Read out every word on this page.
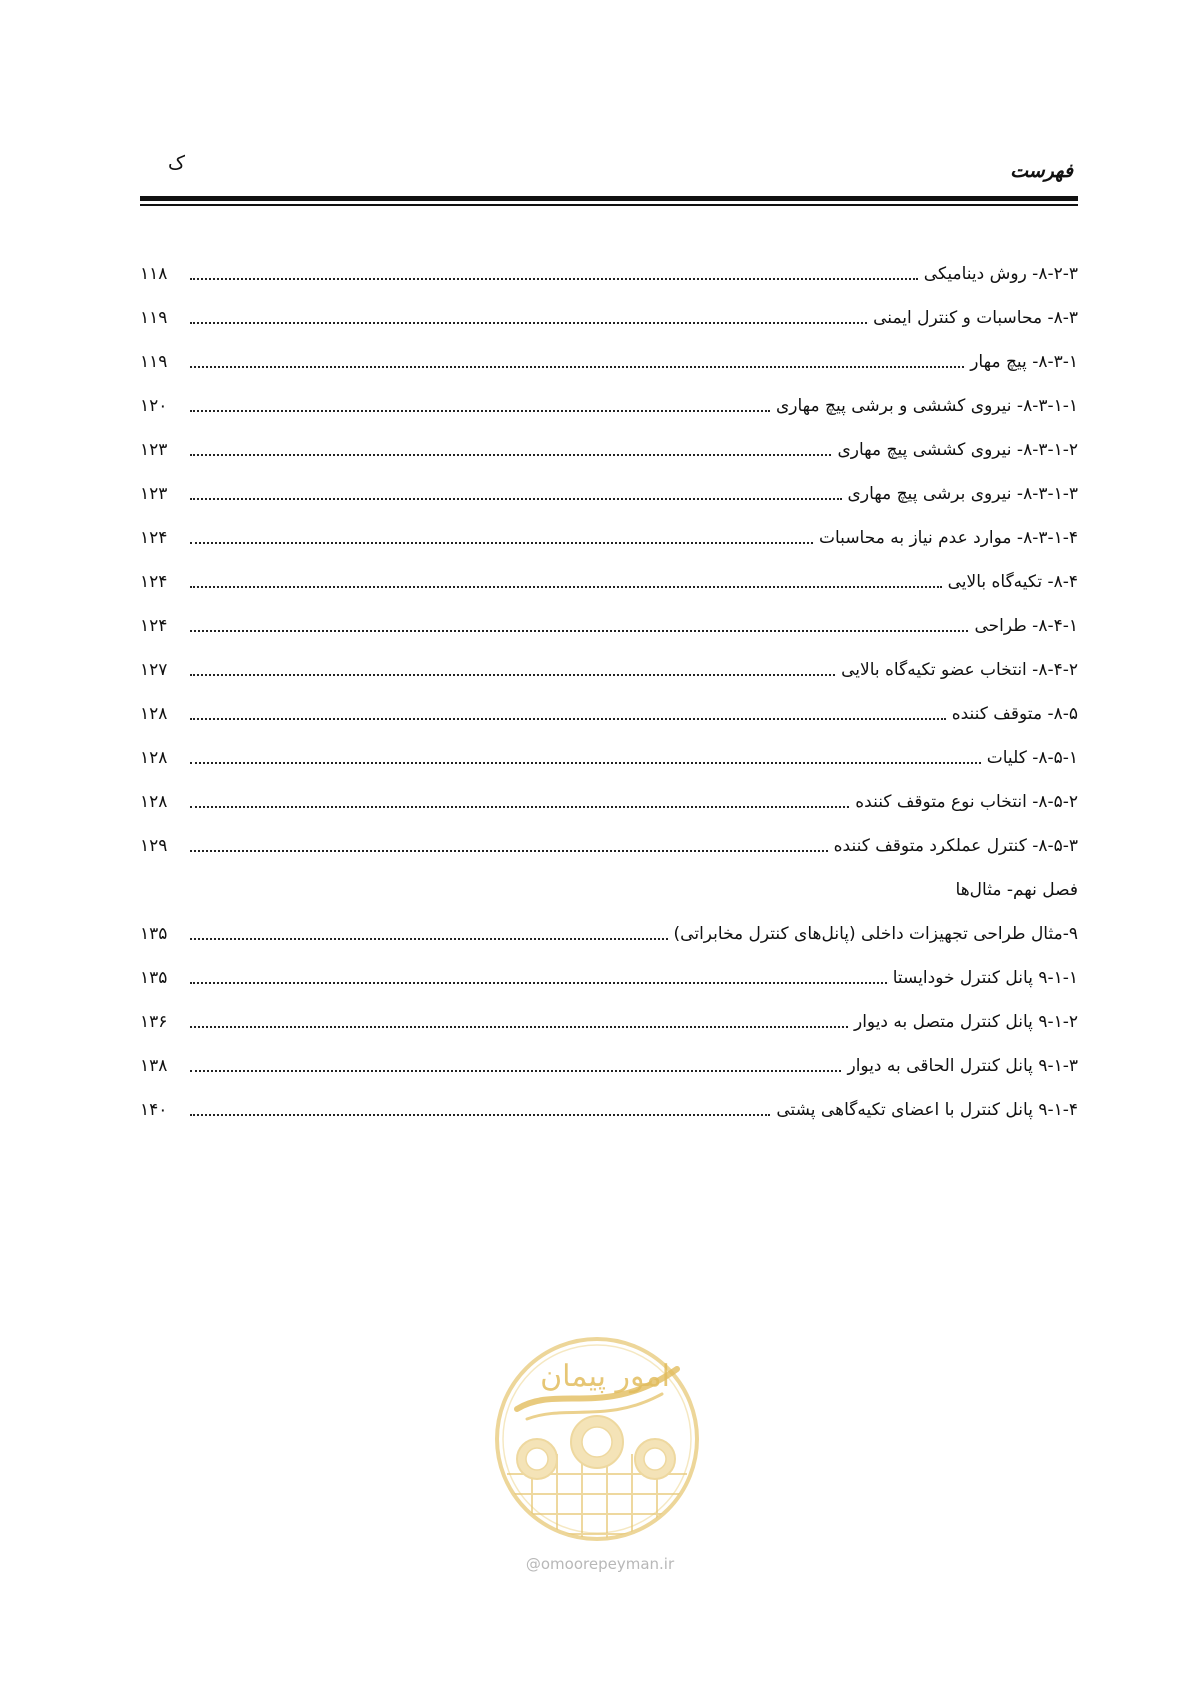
فهرست
ک
۸-۲-۳- روش دینامیکی
۱۱۸
۸-۳- محاسبات و کنترل ایمنی
۱۱۹
۸-۳-۱- پیچ مهار
۱۱۹
۸-۳-۱-۱- نیروی کششی و برشی پیچ مهاری
۱۲۰
۸-۳-۱-۲- نیروی کششی پیچ مهاری
۱۲۳
۸-۳-۱-۳- نیروی برشی پیچ مهاری
۱۲۳
۸-۳-۱-۴- موارد عدم نیاز به محاسبات
۱۲۴
۸-۴- تکیه‌گاه بالایی
۱۲۴
۸-۴-۱- طراحی
۱۲۴
۸-۴-۲- انتخاب عضو تکیه‌گاه بالایی
۱۲۷
۸-۵- متوقف کننده
۱۲۸
۸-۵-۱- کلیات
۱۲۸
۸-۵-۲- انتخاب نوع متوقف کننده
۱۲۸
۸-۵-۳- کنترل عملکرد متوقف کننده
۱۲۹
فصل نهم- مثال‌ها
۹-مثال طراحی تجهیزات داخلی (پانل‌های کنترل مخابراتی)
۱۳۵
۹-۱-۱ پانل کنترل خودایستا
۱۳۵
۹-۱-۲ پانل کنترل متصل به دیوار
۱۳۶
۹-۱-۳ پانل کنترل الحاقی به دیوار
۱۳۸
۹-۱-۴ پانل کنترل با اعضای تکیه‌گاهی پشتی
۱۴۰
امور پیمان
@omoorepeyman.ir
